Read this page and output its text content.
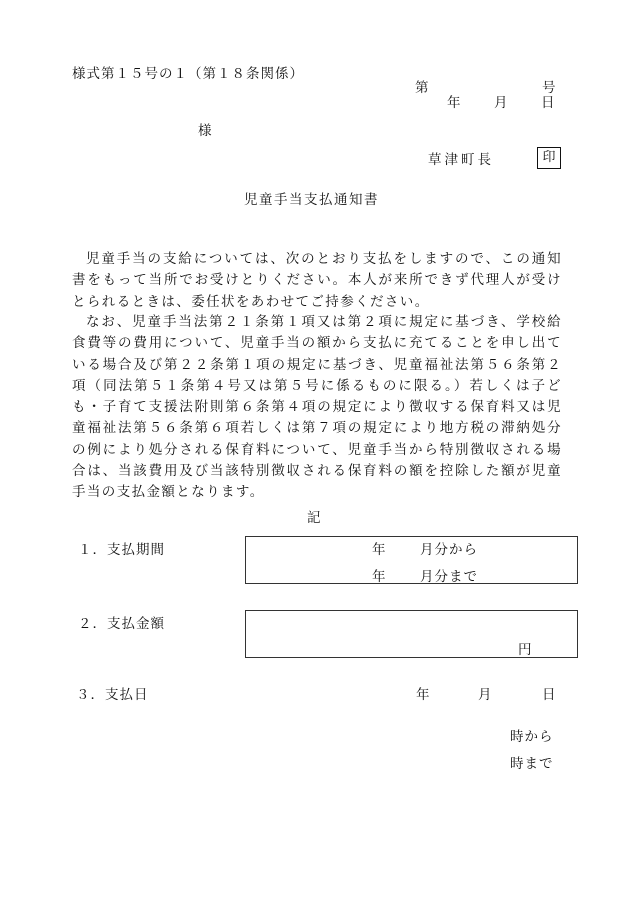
様式第１５号の１（第１８条関係）
第	号
年 月 日
様
草津町長	印
児童手当支払通知書
児童手当の支給については、次のとおり支払をしますので、この通知書をもって当所でお受けとりください。本人が来所できず代理人が受けとられるときは、委任状をあわせてご持参ください。
なお、児童手当法第２１条第１項又は第２項に規定に基づき、学校給食費等の費用について、児童手当の額から支払に充てることを申し出ている場合及び第２２条第１項の規定に基づき、児童福祉法第５６条第２項（同法第５１条第４号又は第５号に係るものに限る。）若しくは子ども・子育て支援法附則第６条第４項の規定により徴収する保育料又は児童福祉法第５６条第６項若しくは第７項の規定により地方税の滞納処分の例により処分される保育料について、児童手当から特別徴収される場合は、当該費用及び当該特別徴収される保育料の額を控除した額が児童手当の支払金額となります。
記
１．支払期間	年 月分から
年 月分まで
２．支払金額
円
３．支払日	年	月	日
時から
時まで
